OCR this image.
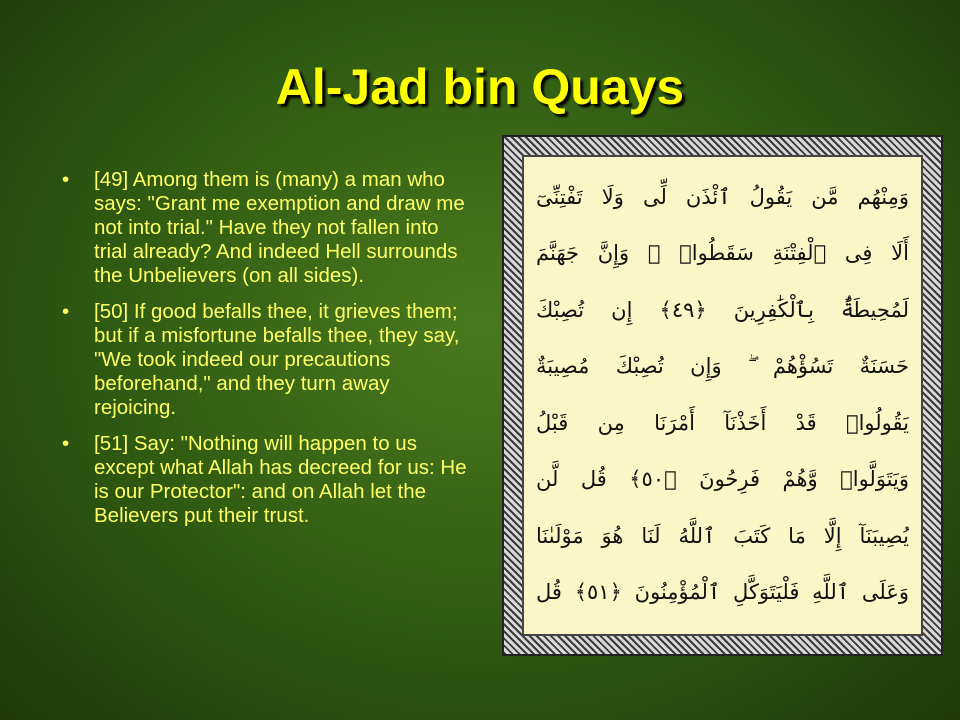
Al-Jad bin Quays
• [49] Among them is (many) a man who says: "Grant me exemption and draw me not into trial." Have they not fallen into trial already? And indeed Hell surrounds the Unbelievers (on all sides).
• [50] If good befalls thee, it grieves them; but if a misfortune befalls thee, they say, "We took indeed our precautions beforehand," and they turn away rejoicing.
• [51] Say: "Nothing will happen to us except what Allah has decreed for us: He is our Protector": and on Allah let the Believers put their trust.
وَمِنْهُم مَّن يَقُولُ ٱئْذَن لِّى وَلَا تَفْتِنِّىٓ
أَلَا فِى ٱلْفِتْنَةِ سَقَطُوا۟ ۗ وَإِنَّ جَهَنَّمَ
لَمُحِيطَةٌۢ بِٱلْكَٰفِرِينَ ﴿٤٩﴾ إِن تُصِبْكَ
حَسَنَةٌ تَسُؤْهُمْ ۖ وَإِن تُصِبْكَ مُصِيبَةٌ
يَقُولُوا۟ قَدْ أَخَذْنَآ أَمْرَنَا مِن قَبْلُ
وَيَتَوَلَّوا۟ وَّهُمْ فَرِحُونَ ﴿٥٠﴾ قُل لَّن
يُصِيبَنَآ إِلَّا مَا كَتَبَ ٱللَّهُ لَنَا هُوَ مَوْلَىٰنَا
وَعَلَى ٱللَّهِ فَلْيَتَوَكَّلِ ٱلْمُؤْمِنُونَ ﴿٥١﴾ قُل
